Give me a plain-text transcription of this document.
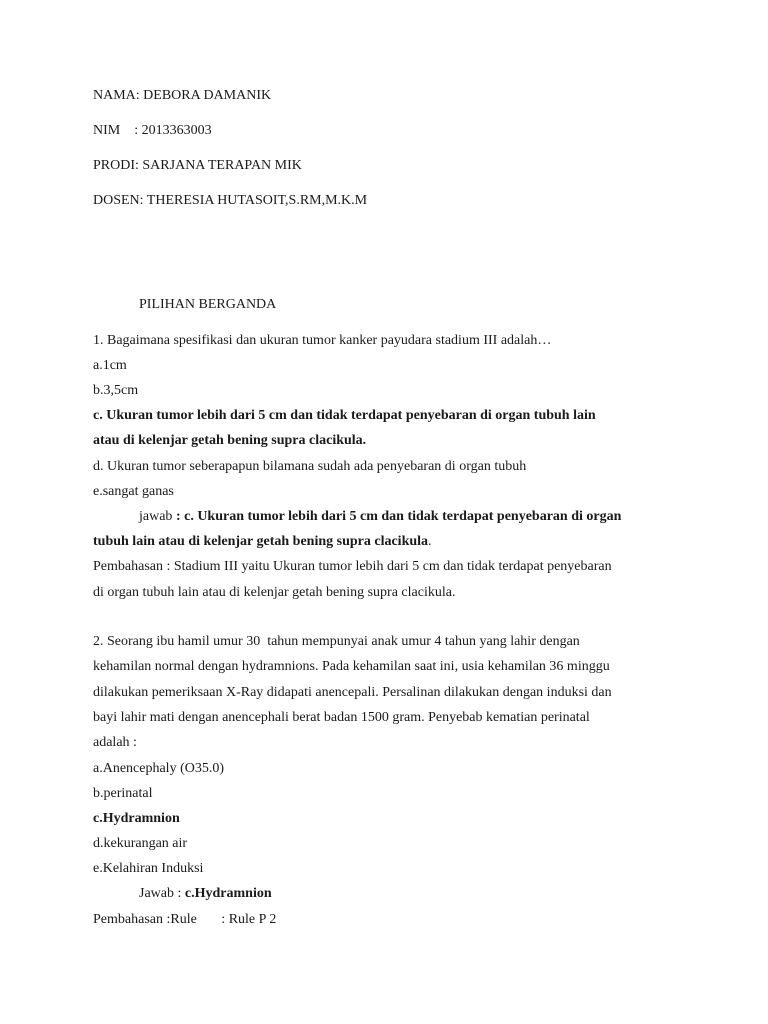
NAMA: DEBORA DAMANIK
NIM    : 2013363003
PRODI: SARJANA TERAPAN MIK
DOSEN: THERESIA HUTASOIT,S.RM,M.K.M
PILIHAN BERGANDA
1. Bagaimana spesifikasi dan ukuran tumor kanker payudara stadium III adalah…
a.1cm
b.3,5cm
c. Ukuran tumor lebih dari 5 cm dan tidak terdapat penyebaran di organ tubuh lain
atau di kelenjar getah bening supra clacikula.
d. Ukuran tumor seberapapun bilamana sudah ada penyebaran di organ tubuh
e.sangat ganas
jawab : c. Ukuran tumor lebih dari 5 cm dan tidak terdapat penyebaran di organ
tubuh lain atau di kelenjar getah bening supra clacikula.
Pembahasan : Stadium III yaitu Ukuran tumor lebih dari 5 cm dan tidak terdapat penyebaran
di organ tubuh lain atau di kelenjar getah bening supra clacikula.
2. Seorang ibu hamil umur 30  tahun mempunyai anak umur 4 tahun yang lahir dengan
kehamilan normal dengan hydramnions. Pada kehamilan saat ini, usia kehamilan 36 minggu
dilakukan pemeriksaan X-Ray didapati anencepali. Persalinan dilakukan dengan induksi dan
bayi lahir mati dengan anencephali berat badan 1500 gram. Penyebab kematian perinatal
adalah :
a.Anencephaly (O35.0)
b.perinatal
c.Hydramnion
d.kekurangan air
e.Kelahiran Induksi
Jawab : c.Hydramnion
Pembahasan :Rule       : Rule P 2
